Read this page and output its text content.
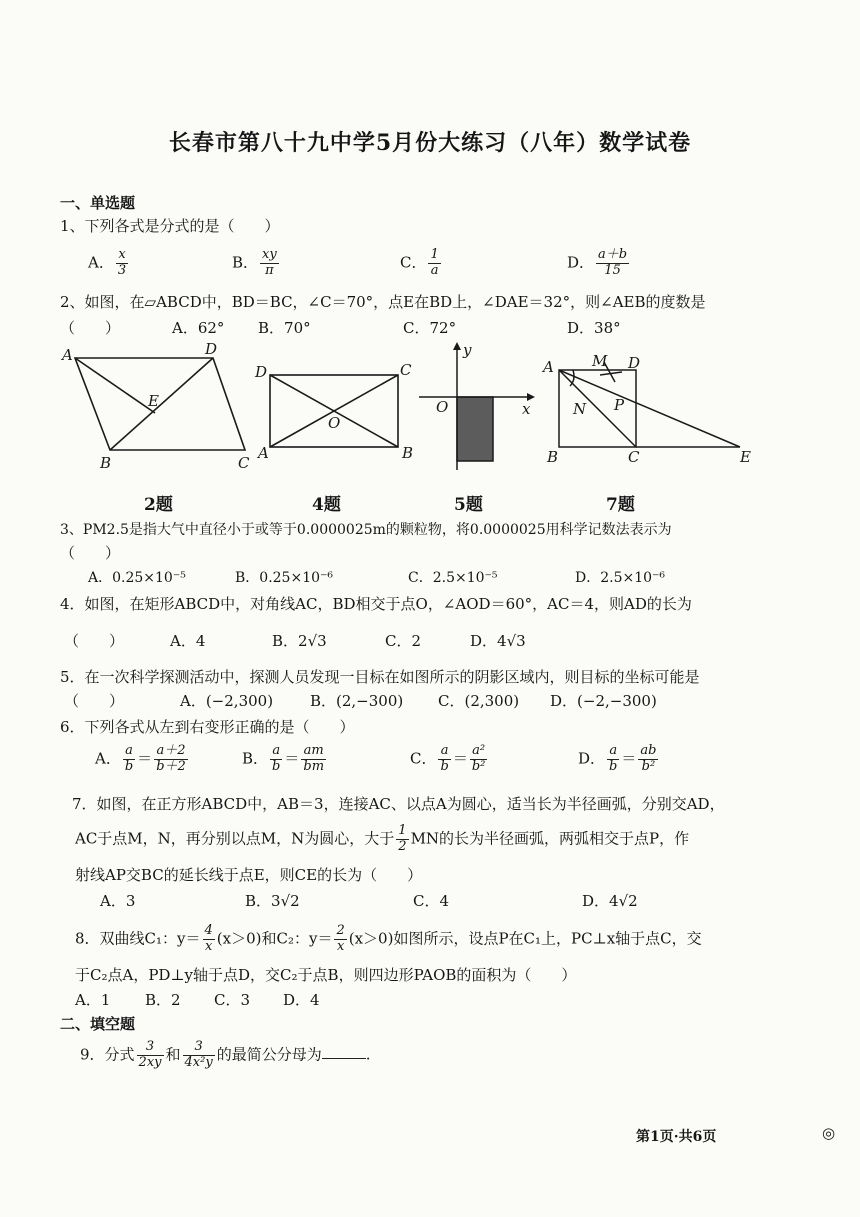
长春市第八十九中学5月份大练习（八年）数学试卷
一、单选题
1、下列各式是分式的是（　　）
A． $\frac{x}{3}$	B． $\frac{xy}{\pi}$	C． $\frac{1}{a}$	D． $\frac{a+b}{15}$
2、如图，在▱ABCD中，BD＝BC，∠C＝70°，点E在BD上，∠DAE＝32°，则∠AEB的度数是
（　　）	A．62° B．70°	C．72°	D．38°
A	D
E
B	C
D	C
O
A	B
y
O	x
A	M D
N P
B	C	E
2题	4题	5题	7题
3、PM2.5是指大气中直径小于或等于0.0000025m的颗粒物，将0.0000025用科学记数法表示为
（　　）
A．0.25×10⁻⁵	B．0.25×10⁻⁶	C．2.5×10⁻⁵	D．2.5×10⁻⁶
4．如图，在矩形ABCD中，对角线AC，BD相交于点O，∠AOD＝60°，AC＝4，则AD的长为
（　　）	A．4	B．2√3	C．2	D．4√3
5．在一次科学探测活动中，探测人员发现一目标在如图所示的阴影区域内，则目标的坐标可能是
（　　）	A．(−2,300) B．(2,−300) C．(2,300) D．(−2,−300)
6．下列各式从左到右变形正确的是（　　）
A． $\frac{a}{b} = \frac{a+2}{b+2}$	B． $\frac{a}{b} = \frac{am}{bm}$	C． $\frac{a}{b} = \frac{\text{a²}}{\text{b²}}$	D． $\frac{a}{b} = \frac{ab}{\text{b²}}$
7．如图，在正方形ABCD中，AB＝3，连接AC、以点A为圆心，适当长为半径画弧，分别交AD，
AC于点M，N，再分别以点M，N为圆心，大于 $\frac{1}{2}$ MN的长为半径画弧，两弧相交于点P，作
射线AP交BC的延长线于点E，则CE的长为（　　）
A．3	B．3√2	C．4	D．4√2
8．双曲线C₁：$y= \frac{4}{x} (x>0)$和C₂：$y= \frac{2}{x} (x>0)$如图所示，设点P在C₁上，PC⊥x轴于点C，交
于C₂点A，PD⊥y轴于点D，交C₂于点B，则四边形PAOB的面积为（　　）
A．1 B．2 C．3 D．4
二、填空题
9．分式 $\frac{3}{2xy}$ 和 $\frac{3}{\text{4x²y}}$ 的最简公分母为	.
第1页·共6页	◎
